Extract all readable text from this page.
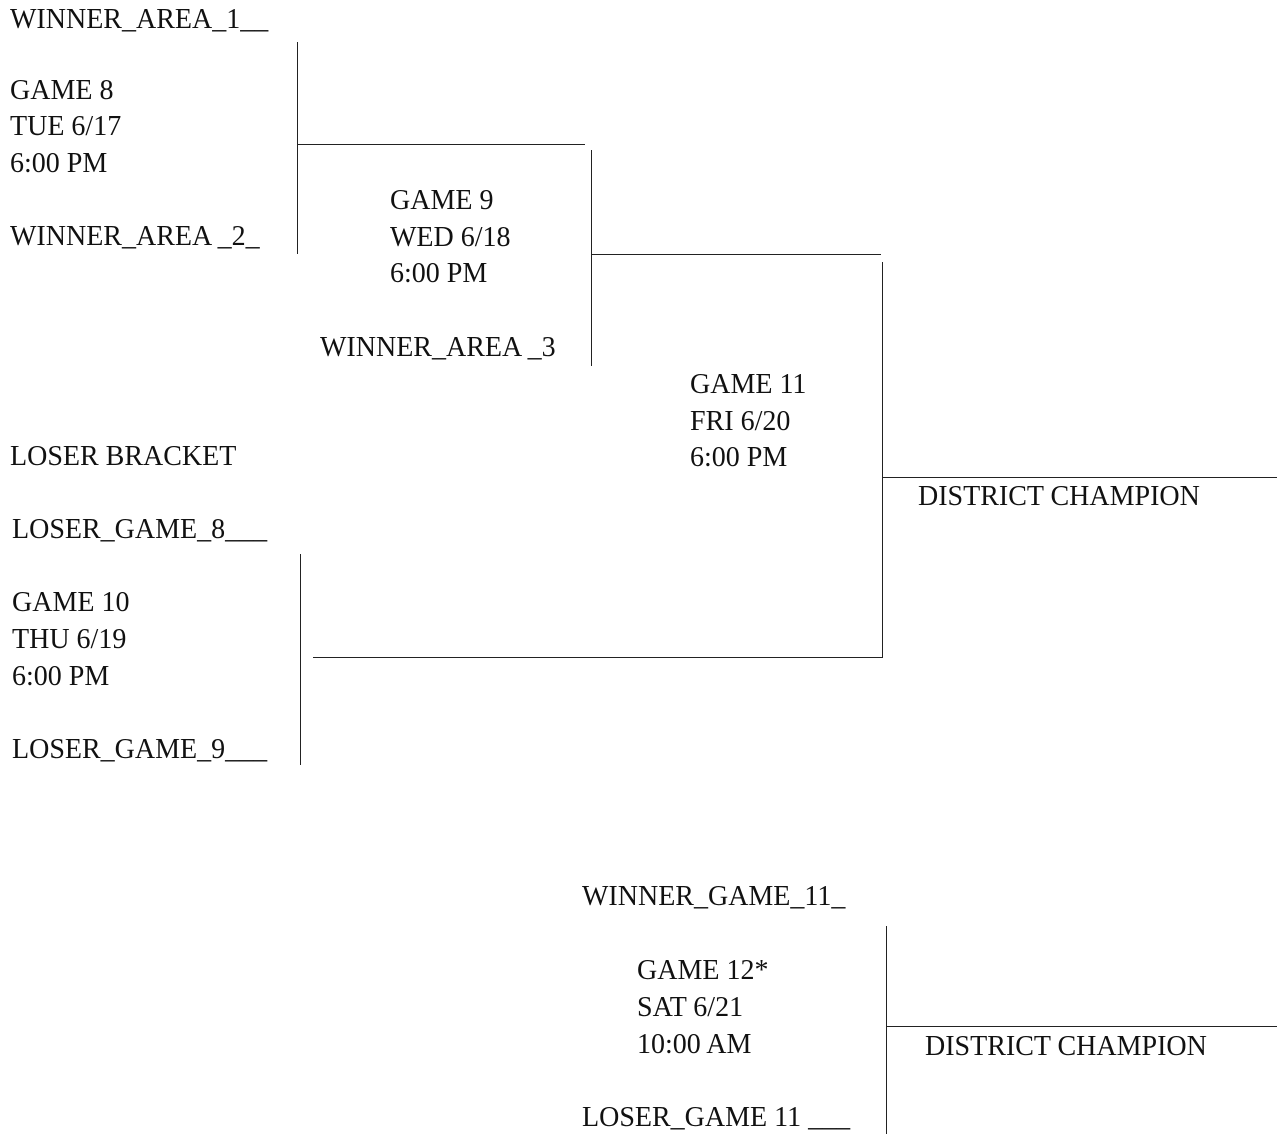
WINNER_AREA_1__
GAME 8
TUE 6/17
6:00 PM
WINNER_AREA _2_
GAME 9
WED 6/18
6:00 PM
WINNER_AREA _3
GAME 11
FRI 6/20
6:00 PM
DISTRICT CHAMPION
LOSER BRACKET
LOSER_GAME_8___
GAME 10
THU 6/19
6:00 PM
LOSER_GAME_9___
WINNER_GAME_11_
GAME 12*
SAT 6/21
10:00 AM
LOSER_GAME 11 ___
DISTRICT CHAMPION
